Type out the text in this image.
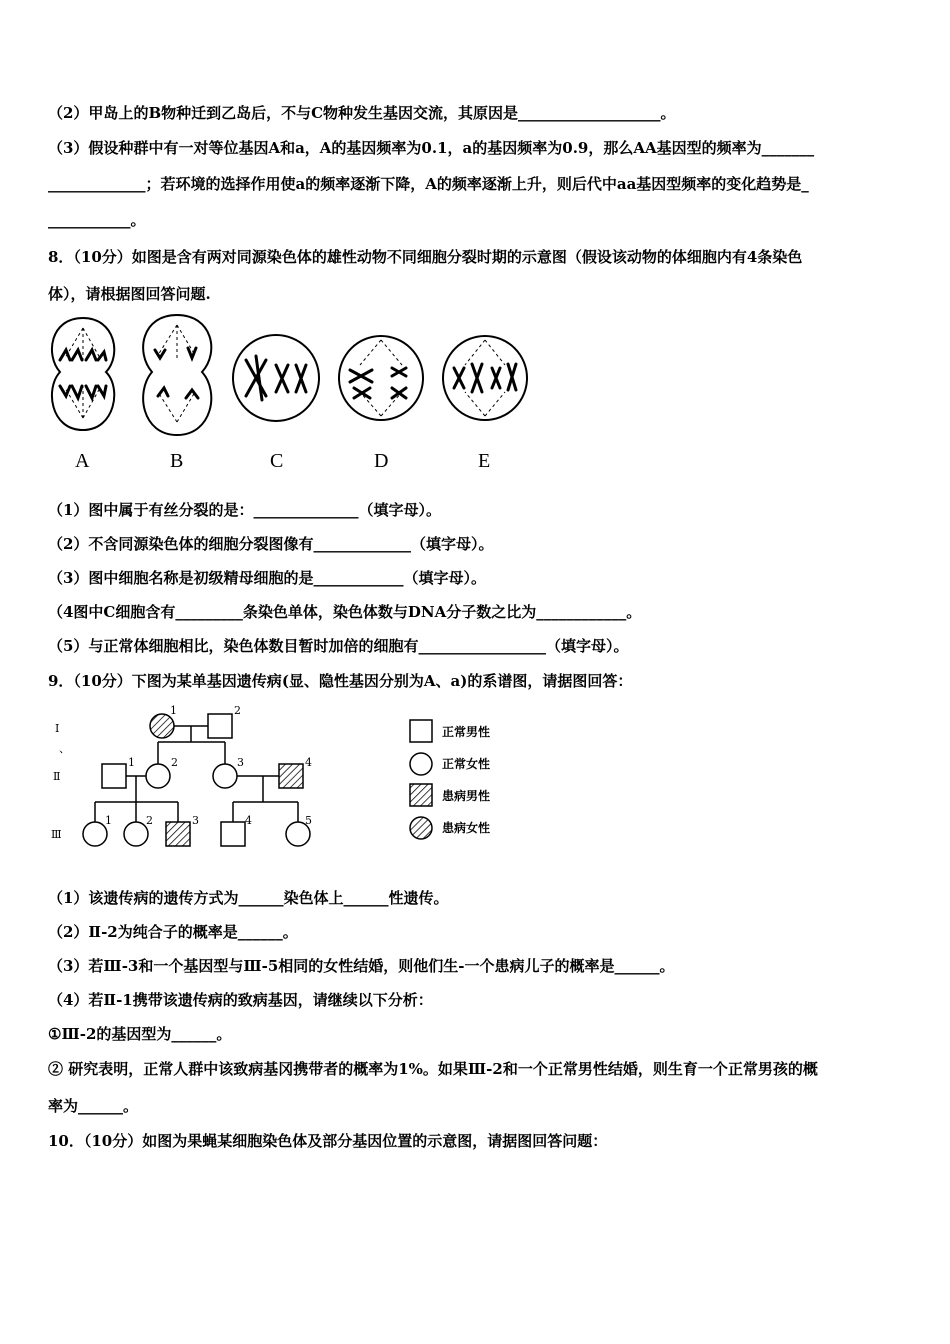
（2）甲岛上的B物种迁到乙岛后，不与C物种发生基因交流，其原因是___________________。
（3）假设种群中有一对等位基因A和a，A的基因频率为0.1，a的基因频率为0.9，那么AA基因型的频率为_______
_____________；若环境的选择作用使a的频率逐渐下降，A的频率逐渐上升，则后代中aa基因型频率的变化趋势是_
___________。
8．（10分）如图是含有两对同源染色体的雄性动物不同细胞分裂时期的示意图（假设该动物的体细胞内有4条染色
体），请根据图回答问题.
A	B	C	D	E
（1）图中属于有丝分裂的是：______________（填字母）。
（2）不含同源染色体的细胞分裂图像有_____________（填字母）。
（3）图中细胞名称是初级精母细胞的是____________（填字母）。
（4图中C细胞含有_________条染色单体，染色体数与DNA分子数之比为____________。
（5）与正常体细胞相比，染色体数目暂时加倍的细胞有_________________（填字母）。
9．（10分）下图为某单基因遗传病(显、隐性基因分别为A、a)的系谱图，请据图回答：
I
、
Ⅱ
Ⅲ
1	2
1	2	3	4
1	2	3	4	5
正常男性
正常女性
患病男性
患病女性
（1）该遗传病的遗传方式为______染色体上______性遗传。
（2）Ⅱ-2为纯合子的概率是______。
（3）若Ⅲ-3和一个基因型与Ⅲ-5相同的女性结婚，则他们生-一个患病儿子的概率是______。
（4）若Ⅱ-1携带该遗传病的致病基因，请继续以下分析：
①Ⅲ-2的基因型为______。
② 研究表明，正常人群中该致病基冈携带者的概率为1%。如果Ⅲ-2和一个正常男性结婚，则生育一个正常男孩的概
率为______。
10．（10分）如图为果蝇某细胞染色体及部分基因位置的示意图，请据图回答问题：
